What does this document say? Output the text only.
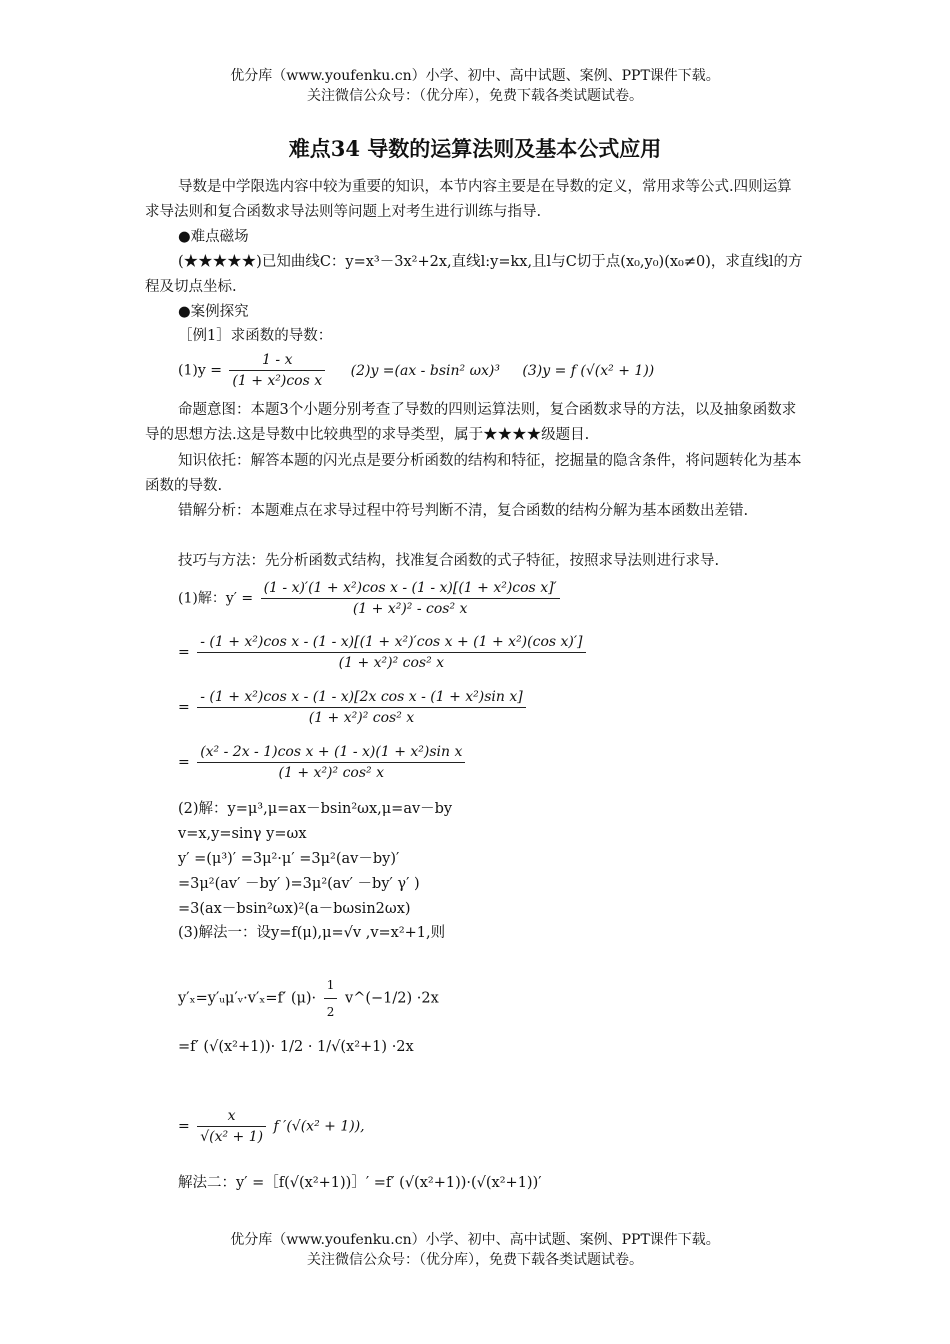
优分库（www.youfenku.cn）小学、初中、高中试题、案例、PPT课件下载。
关注微信公众号：（优分库），免费下载各类试题试卷。
难点34 导数的运算法则及基本公式应用
导数是中学限选内容中较为重要的知识，本节内容主要是在导数的定义，常用求等公式.四则运算求导法则和复合函数求导法则等问题上对考生进行训练与指导.
●难点磁场
(★★★★★)已知曲线C：y=x³－3x²+2x,直线l:y=kx,且l与C切于点(x₀,y₀)(x₀≠0)，求直线l的方程及切点坐标.
●案例探究
［例1］求函数的导数：
$(1)y = \frac{1 - x}{\text{(1 + x²)cos x}} (2)y =(ax - bsin^2$ ωx)³ (3)y = f (√(x² + 1))
命题意图：本题3个小题分别考查了导数的四则运算法则，复合函数求导的方法，以及抽象函数求导的思想方法.这是导数中比较典型的求导类型，属于★★★★级题目.
知识依托：解答本题的闪光点是要分析函数的结构和特征，挖掘量的隐含条件，将问题转化为基本函数的导数.
错解分析：本题难点在求导过程中符号判断不清，复合函数的结构分解为基本函数出差错.
技巧与方法：先分析函数式结构，找准复合函数的式子特征，按照求导法则进行求导.
(1)解：$y' = \frac{\text{(1 - x)′(1 + x²)cos x - (1 - x)[(1 + x²)cos x]′}}{\text{(1 + x²)² - cos² x}}$
= $\frac{\text{- (1 + x²)cos x - (1 - x)[(1 + x²)′cos x + (1 + x²)(cos x)′]}}{\text{(1 + x²)² cos² x}}$
= $\frac{\text{- (1 + x²)cos x - (1 - x)[2x cos x - (1 + x²)sin x]}}{\text{(1 + x²)² cos² x}}$
= $\frac{\text{(x² - 2x - 1)cos x + (1 - x)(1 + x²)sin x}}{\text{(1 + x²)² cos² x}}$
(2)解：y=μ³,μ=ax－bsin²ωx,μ=av－by
v=x,y=sinγ y=ωx
y′ =(μ³)′ =3μ²·μ′ =3μ²(av－by)′
=3μ²(av′ －by′ )=3μ²(av′ －by′ γ′ )
=3(ax－bsin²ωx)²(a－bωsin2ωx)
(3)解法一：设y=f(μ),μ=√v ,v=x²+1,则
y′ₓ=y′ᵤμ′ᵥ·v′ₓ=f′ $(\mu)\cdot \frac{1}{2}$ v^(−1/2) ·2x
=f′ (√(x²+1))· 1/2 · 1/√(x²+1) ·2x
= $\frac{x}{\text{√(x² + 1)}}$ f ′(√(x² + 1)),
解法二：y′ =［f(√(x²+1))］′ =f′ (√(x²+1))·(√(x²+1))′
优分库（www.youfenku.cn）小学、初中、高中试题、案例、PPT课件下载。
关注微信公众号：（优分库），免费下载各类试题试卷。
